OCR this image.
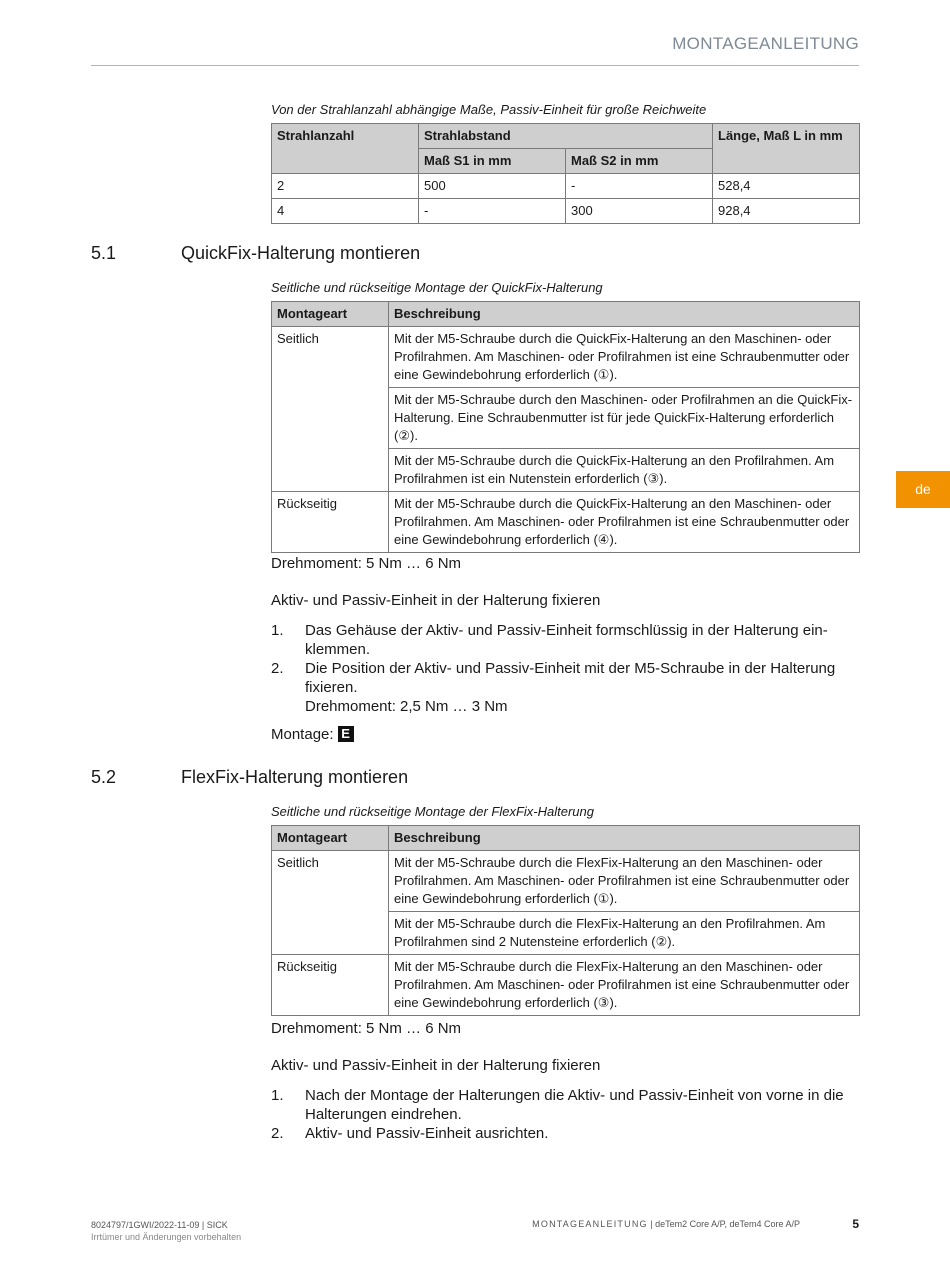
MONTAGEANLEITUNG
Von der Strahlanzahl abhängige Maße, Passiv-Einheit für große Reichweite
Strahlanzahl	Strahlabstand		Länge, Maß L in mm
	Maß S1 in mm	Maß S2 in mm	
2	500	-	528,4
4	-	300	928,4
5.1	QuickFix-Halterung montieren
Seitliche und rückseitige Montage der QuickFix-Halterung
Montageart	Beschreibung
Seitlich	Mit der M5-Schraube durch die QuickFix-Halterung an den Maschinen- oder Profilrahmen. Am Maschinen- oder Profilrahmen ist eine Schraubenmutter oder eine Gewindebohrung erforderlich (①).
	Mit der M5-Schraube durch den Maschinen- oder Profilrahmen an die QuickFix-Halterung. Eine Schraubenmutter ist für jede QuickFix-Halterung erforderlich (②).
	Mit der M5-Schraube durch die QuickFix-Halterung an den Profilrahmen. Am Profilrahmen ist ein Nutenstein erforderlich (③).
Rückseitig	Mit der M5-Schraube durch die QuickFix-Halterung an den Maschinen- oder Profilrahmen. Am Maschinen- oder Profilrahmen ist eine Schraubenmutter oder eine Gewindebohrung erforderlich (④).
Drehmoment: 5 Nm … 6 Nm
Aktiv- und Passiv-Einheit in der Halterung fixieren
1. Das Gehäuse der Aktiv- und Passiv-Einheit formschlüssig in der Halterung ein-klemmen.
2. Die Position der Aktiv- und Passiv-Einheit mit der M5-Schraube in der Halterung fixieren.
Drehmoment: 2,5 Nm … 3 Nm
Montage: E
5.2	FlexFix-Halterung montieren
Seitliche und rückseitige Montage der FlexFix-Halterung
Montageart	Beschreibung
Seitlich	Mit der M5-Schraube durch die FlexFix-Halterung an den Maschinen- oder Profilrahmen. Am Maschinen- oder Profilrahmen ist eine Schraubenmutter oder eine Gewindebohrung erforderlich (①).
	Mit der M5-Schraube durch die FlexFix-Halterung an den Profilrahmen. Am Profilrahmen sind 2 Nutensteine erforderlich (②).
Rückseitig	Mit der M5-Schraube durch die FlexFix-Halterung an den Maschinen- oder Profilrahmen. Am Maschinen- oder Profilrahmen ist eine Schraubenmutter oder eine Gewindebohrung erforderlich (③).
Drehmoment: 5 Nm … 6 Nm
Aktiv- und Passiv-Einheit in der Halterung fixieren
1. Nach der Montage der Halterungen die Aktiv- und Passiv-Einheit von vorne in die Halterungen eindrehen.
2. Aktiv- und Passiv-Einheit ausrichten.
de
8024797/1GWI/2022-11-09 | SICK
Irrtümer und Änderungen vorbehalten
MONTAGEANLEITUNG | deTem2 Core A/P, deTem4 Core A/P	5
